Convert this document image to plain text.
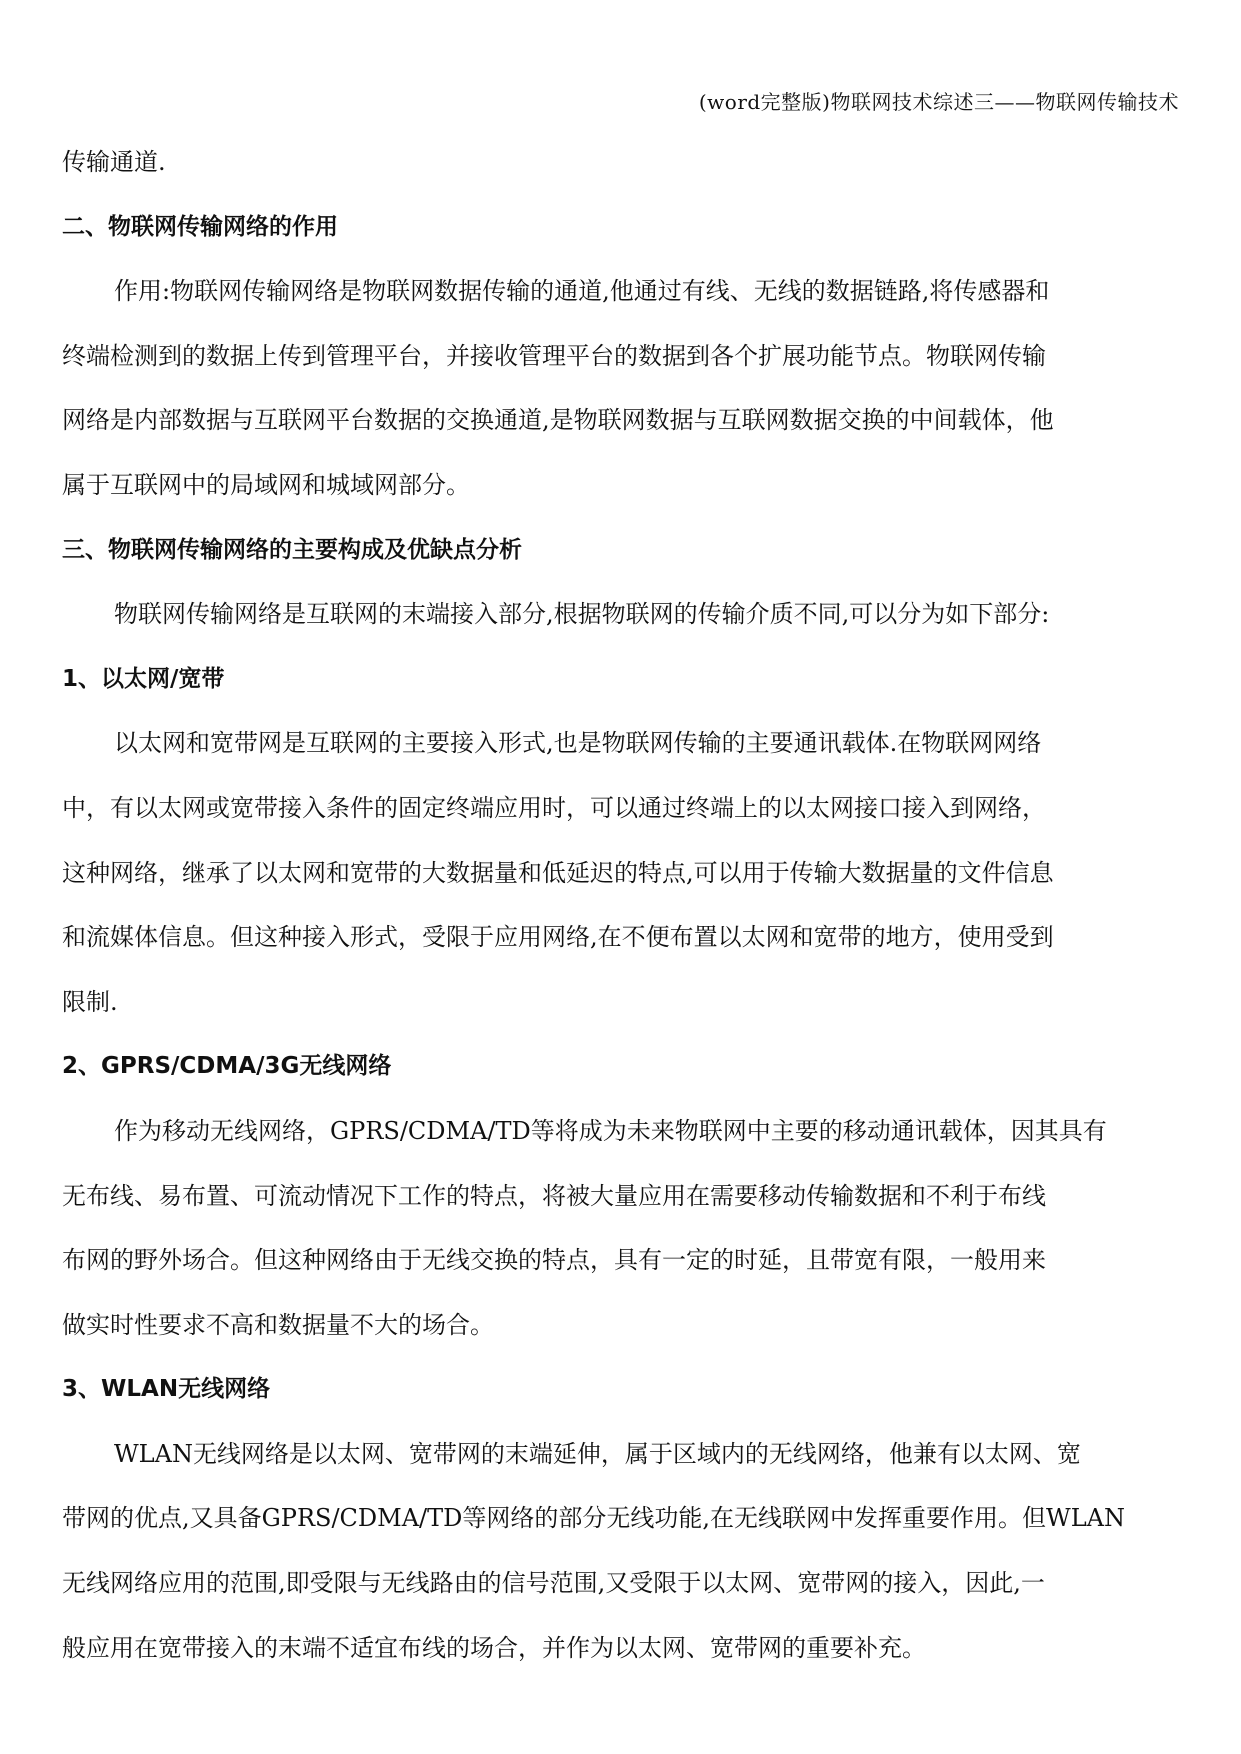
(word完整版)物联网技术综述三——物联网传输技术
传输通道.
二、物联网传输网络的作用
作用:物联网传输网络是物联网数据传输的通道,他通过有线、无线的数据链路,将传感器和
终端检测到的数据上传到管理平台，并接收管理平台的数据到各个扩展功能节点。物联网传输
网络是内部数据与互联网平台数据的交换通道,是物联网数据与互联网数据交换的中间载体，他
属于互联网中的局域网和城域网部分。
三、物联网传输网络的主要构成及优缺点分析
物联网传输网络是互联网的末端接入部分,根据物联网的传输介质不同,可以分为如下部分:
1、以太网/宽带
以太网和宽带网是互联网的主要接入形式,也是物联网传输的主要通讯载体.在物联网网络
中，有以太网或宽带接入条件的固定终端应用时，可以通过终端上的以太网接口接入到网络，
这种网络，继承了以太网和宽带的大数据量和低延迟的特点,可以用于传输大数据量的文件信息
和流媒体信息。但这种接入形式，受限于应用网络,在不便布置以太网和宽带的地方，使用受到
限制.
2、GPRS/CDMA/3G无线网络
作为移动无线网络，GPRS/CDMA/TD等将成为未来物联网中主要的移动通讯载体，因其具有
无布线、易布置、可流动情况下工作的特点，将被大量应用在需要移动传输数据和不利于布线
布网的野外场合。但这种网络由于无线交换的特点，具有一定的时延，且带宽有限，一般用来
做实时性要求不高和数据量不大的场合。
3、WLAN无线网络
WLAN无线网络是以太网、宽带网的末端延伸，属于区域内的无线网络，他兼有以太网、宽
带网的优点,又具备GPRS/CDMA/TD等网络的部分无线功能,在无线联网中发挥重要作用。但WLAN
无线网络应用的范围,即受限与无线路由的信号范围,又受限于以太网、宽带网的接入，因此,一
般应用在宽带接入的末端不适宜布线的场合，并作为以太网、宽带网的重要补充。
